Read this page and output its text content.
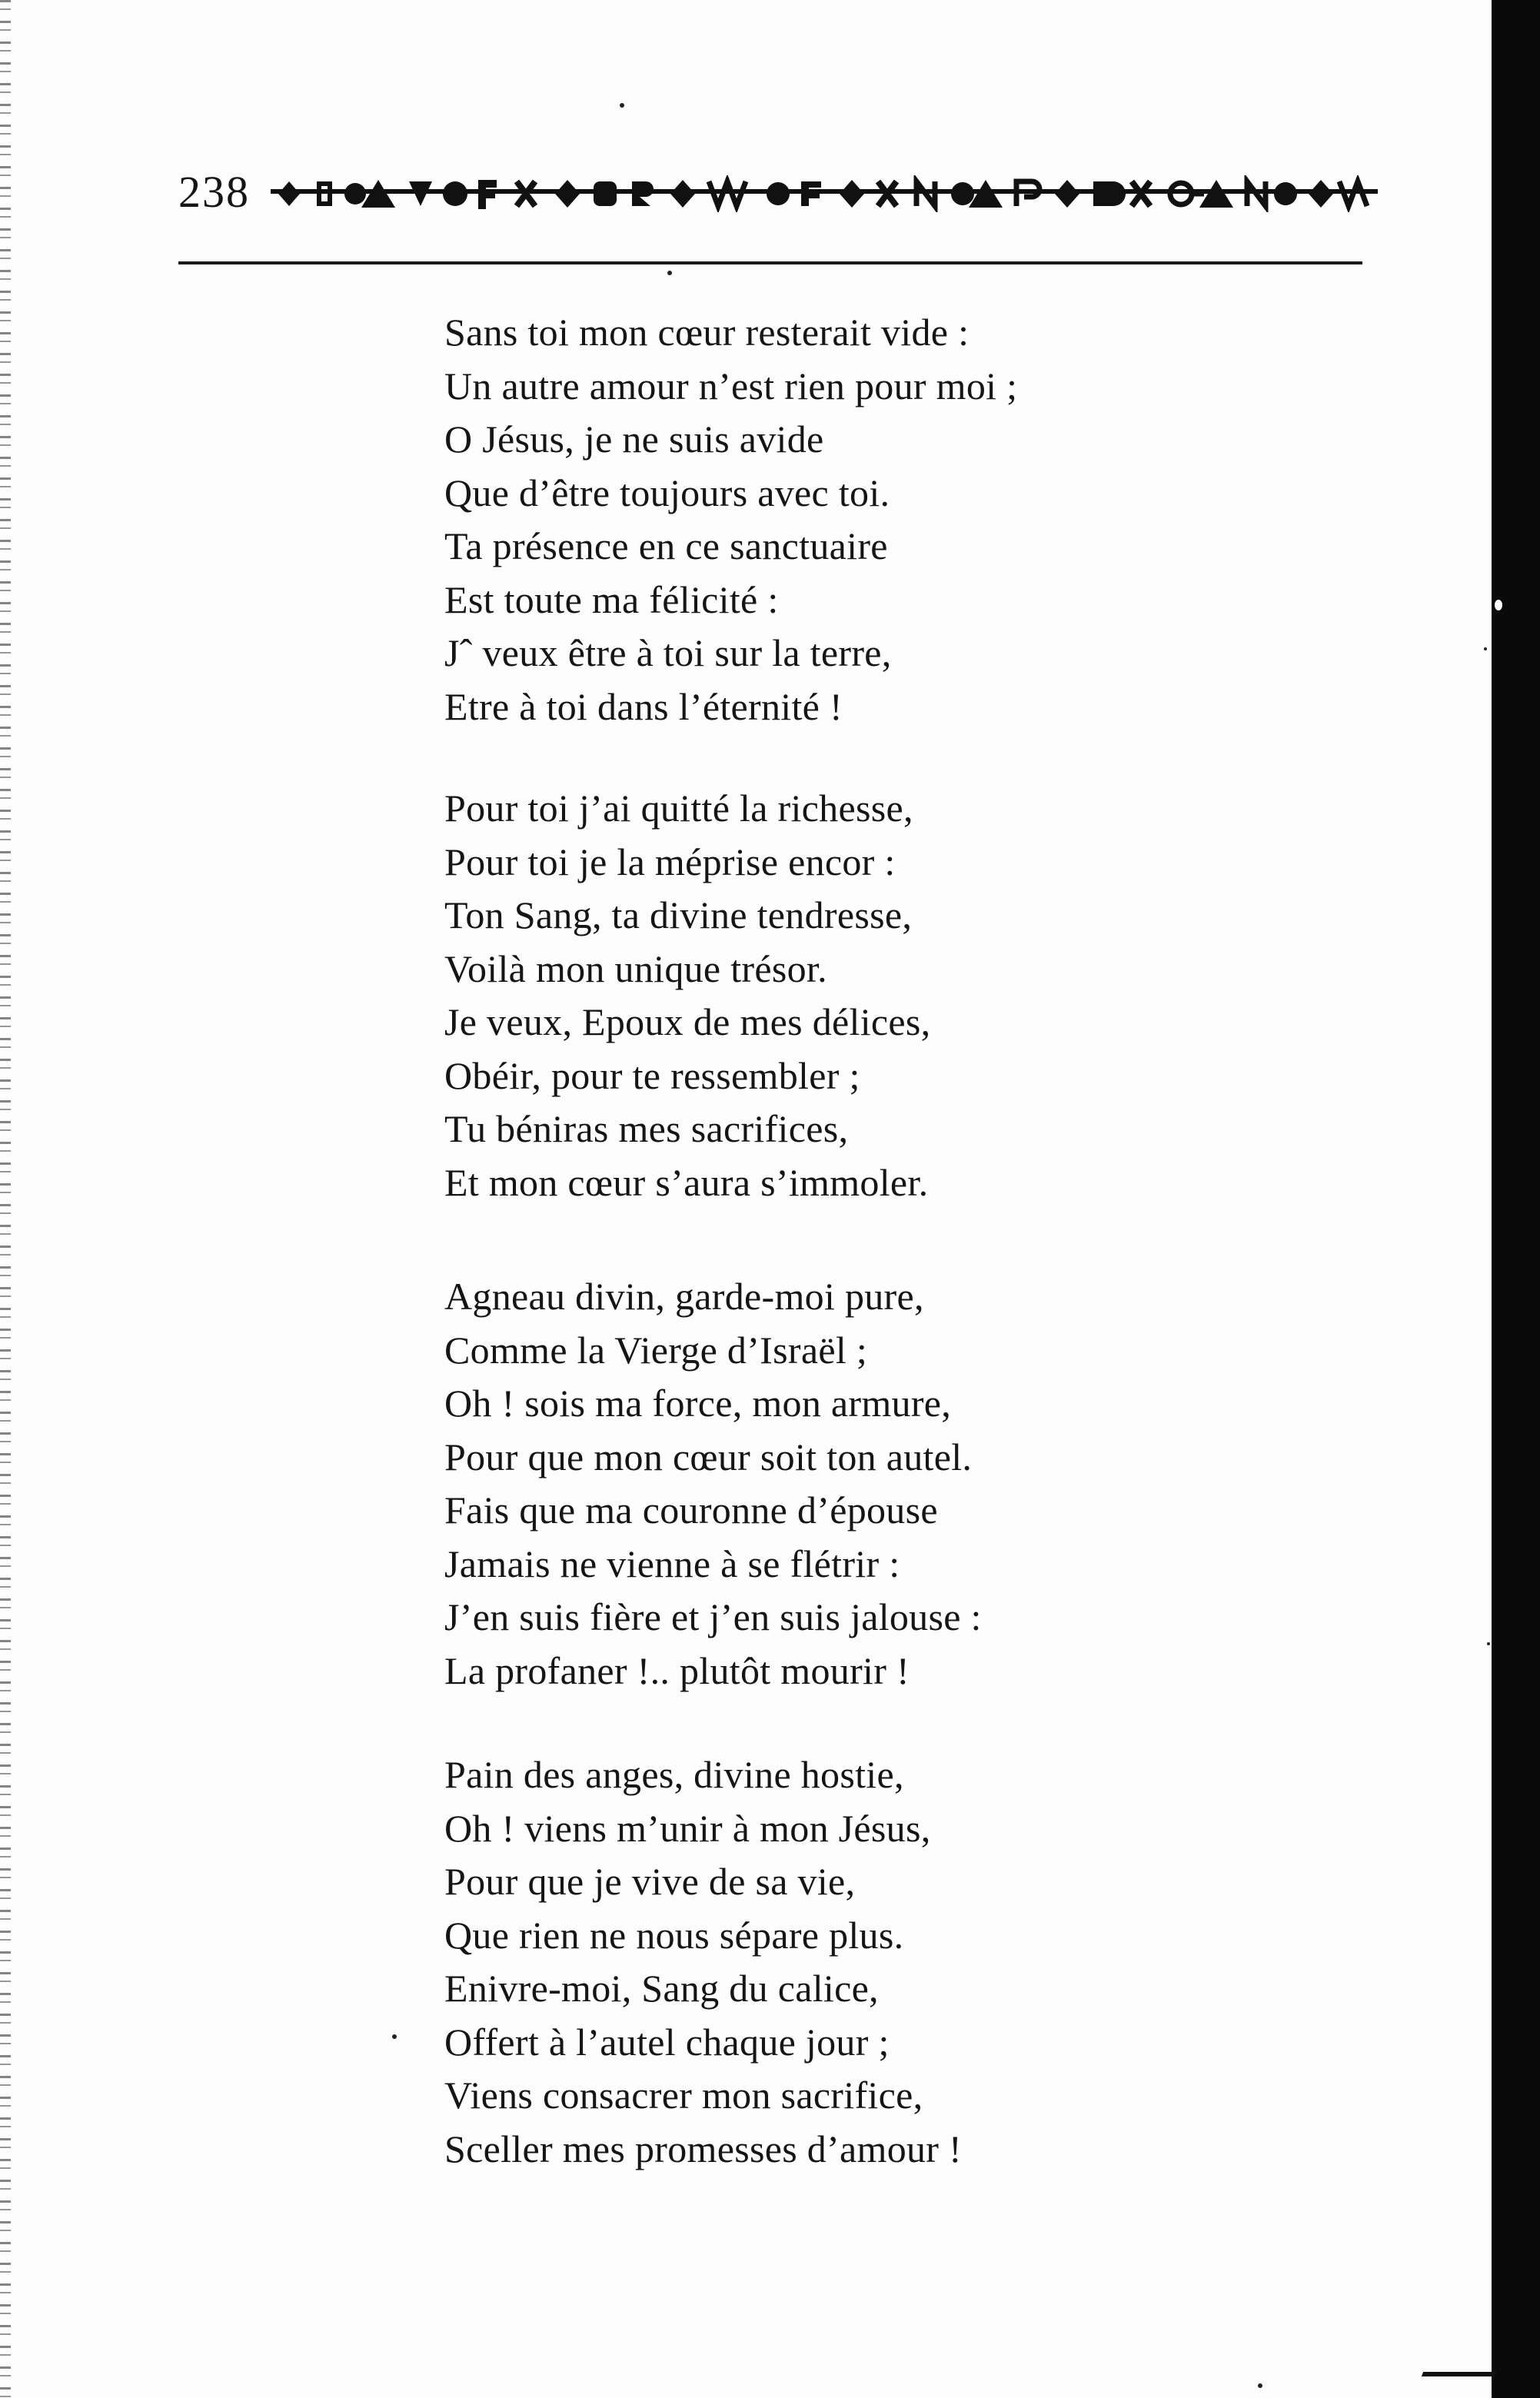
238
Sans toi mon cœur resterait vide :
Un autre amour n’est rien pour moi ;
O Jésus, je ne suis avide
Que d’être toujours avec toi.
Ta présence en ce sanctuaire
Est toute ma félicité :
Jˆ veux être à toi sur la terre,
Etre à toi dans l’éternité !
Pour toi j’ai quitté la richesse,
Pour toi je la méprise encor :
Ton Sang, ta divine tendresse,
Voilà mon unique trésor.
Je veux, Epoux de mes délices,
Obéir, pour te ressembler ;
Tu béniras mes sacrifices,
Et mon cœur s’aura s’immoler.
Agneau divin, garde-moi pure,
Comme la Vierge d’Israël ;
Oh ! sois ma force, mon armure,
Pour que mon cœur soit ton autel.
Fais que ma couronne d’épouse
Jamais ne vienne à se flétrir :
J’en suis fière et j’en suis jalouse :
La profaner !.. plutôt mourir !
Pain des anges, divine hostie,
Oh ! viens m’unir à mon Jésus,
Pour que je vive de sa vie,
Que rien ne nous sépare plus.
Enivre-moi, Sang du calice,
Offert à l’autel chaque jour ;
Viens consacrer mon sacrifice,
Sceller mes promesses d’amour !
